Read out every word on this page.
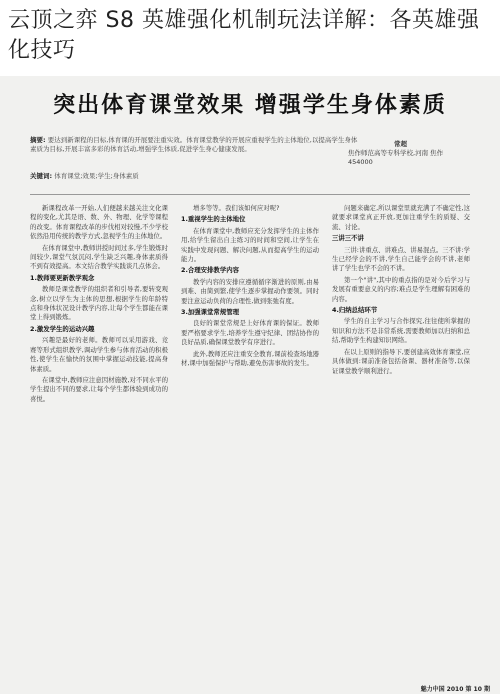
云顶之弈 S8 英雄强化机制玩法详解：各英雄强化技巧
突出体育课堂效果 增强学生身体素质
摘要: 要达到新课程的目标,体育课的开展要注重实效。体育课堂教学的开展应重视学生的主体地位,以提高学生身体素质为目标,开展丰富多彩的体育活动,增强学生体质,促进学生身心健康发展。
关键词: 体育课堂;效果;学生;身体素质
常超
焦作师范高等专科学校,河南 焦作 454000

新课程改革一开始,人们便越来越关注文化课程的变化,尤其是语、数、外、物理、化学等课程的改变。体育课程改革的步伐相对较慢,不少学校依然沿用传统的教学方式,忽视学生的主体地位。

在体育课堂中,教师讲授时间过多,学生锻炼时间较少,课堂气氛沉闷,学生缺乏兴趣,身体素质得不到有效提高。本文结合教学实践谈几点体会。

1.教师要更新教学观念

教师是课堂教学的组织者和引导者,要转变观念,树立以学生为主体的思想,根据学生的年龄特点和身体状况设计教学内容,让每个学生都能在课堂上得到锻炼。

2.激发学生的运动兴趣

兴趣是最好的老师。教师可以采用游戏、竞赛等形式组织教学,调动学生参与体育活动的积极性,使学生在愉快的氛围中掌握运动技能,提高身体素质。

在课堂中,教师应注意因材施教,对不同水平的学生提出不同的要求,让每个学生都体验到成功的喜悦。

增多等等。我们该如何应对呢?

1.重视学生的主体地位

在体育课堂中,教师应充分发挥学生的主体作用,给学生留出自主练习的时间和空间,让学生在实践中发现问题、解决问题,从而提高学生的运动能力。

2.合理安排教学内容

教学内容的安排应遵循循序渐进的原则,由易到难、由简到繁,使学生逐步掌握动作要领。同时要注意运动负荷的合理性,做到张弛有度。

3.加强课堂常规管理

良好的课堂常规是上好体育课的保证。教师要严格要求学生,培养学生遵守纪律、团结协作的良好品质,确保课堂教学有序进行。

此外,教师还应注重安全教育,课前检查场地器材,课中加强保护与帮助,避免伤害事故的发生。

问题来确定,所以课堂里就充满了不确定性,这就要求课堂真正开放,更加注重学生的质疑、交流、讨论。

三讲三不讲

三讲:讲重点、讲难点、讲易混点。三不讲:学生已经学会的不讲,学生自己能学会的不讲,老师讲了学生也学不会的不讲。

第一个"讲",其中的重点指的是对今后学习与发展有重要意义的内容;难点是学生理解有困难的内容。

4.归纳总结环节

学生的自主学习与合作探究,往往使所掌握的知识和方法不是非常系统,需要教师加以归纳和总结,帮助学生构建知识网络。

在以上原则的指导下,要创建高效体育课堂,应具体做到:课前准备包括备课、器材准备等,以保证课堂教学顺利进行。

魅力中国 2010 第 10 期
